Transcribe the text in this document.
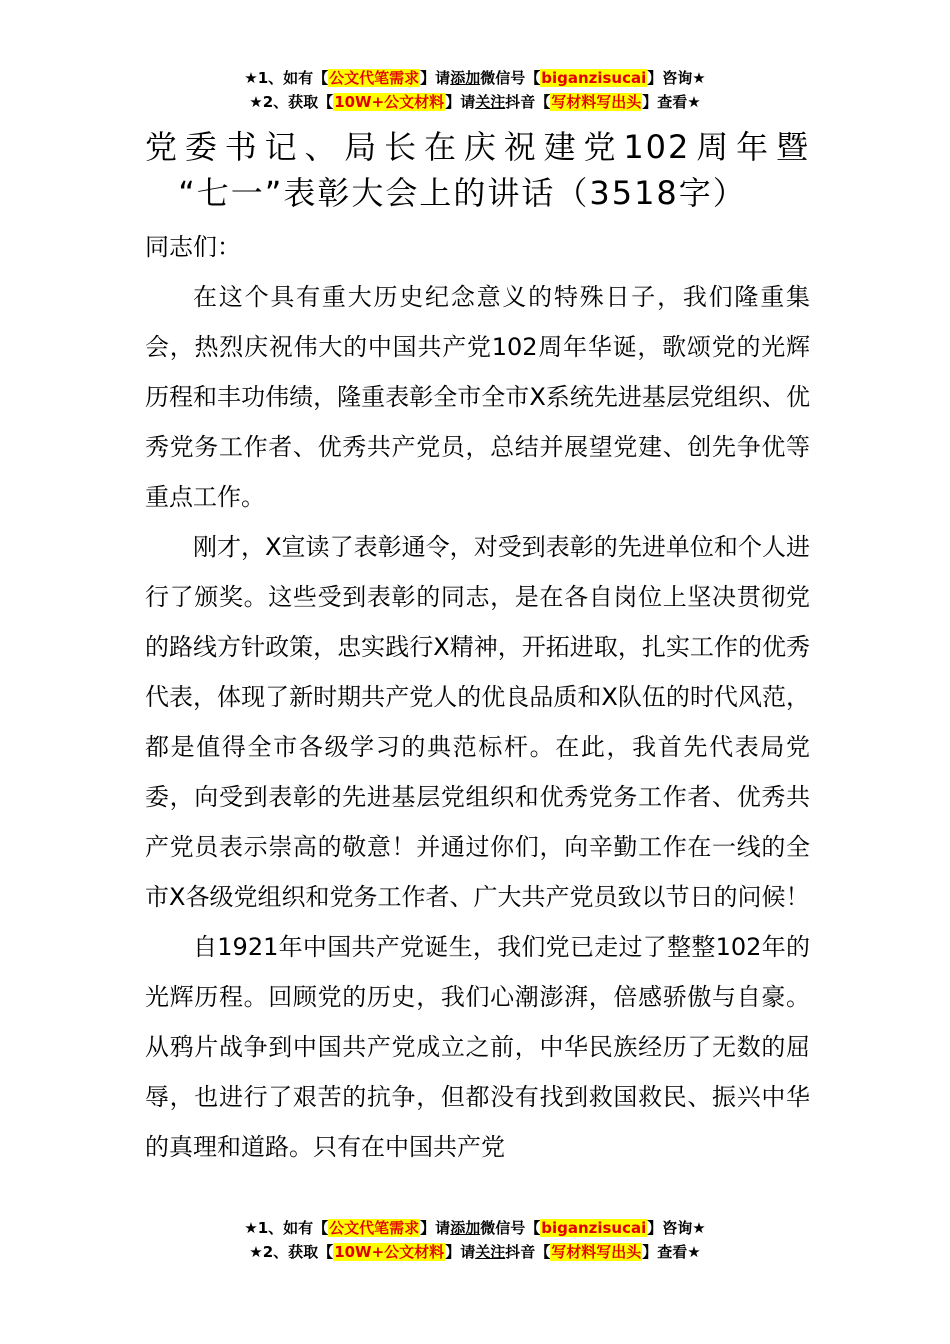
★1、如有【公文代笔需求】请添加微信号【biganzisucai】咨询★
★2、获取【10W+公文材料】请关注抖音【写材料写出头】查看★
党委书记、局长在庆祝建党102周年暨
“七一”表彰大会上的讲话（3518字）

同志们：

在这个具有重大历史纪念意义的特殊日子，我们隆重集会，热烈庆祝伟大的中国共产党102周年华诞，歌颂党的光辉历程和丰功伟绩，隆重表彰全市全市X系统先进基层党组织、优秀党务工作者、优秀共产党员，总结并展望党建、创先争优等重点工作。

刚才，X宣读了表彰通令，对受到表彰的先进单位和个人进行了颁奖。这些受到表彰的同志，是在各自岗位上坚决贯彻党的路线方针政策，忠实践行X精神，开拓进取，扎实工作的优秀代表，体现了新时期共产党人的优良品质和X队伍的时代风范，都是值得全市各级学习的典范标杆。在此，我首先代表局党委，向受到表彰的先进基层党组织和优秀党务工作者、优秀共产党员表示崇高的敬意！并通过你们，向辛勤工作在一线的全市X各级党组织和党务工作者、广大共产党员致以节日的问候！

自1921年中国共产党诞生，我们党已走过了整整102年的光辉历程。回顾党的历史，我们心潮澎湃，倍感骄傲与自豪。从鸦片战争到中国共产党成立之前，中华民族经历了无数的屈辱，也进行了艰苦的抗争，但都没有找到救国救民、振兴中华的真理和道路。只有在中国共产党

★1、如有【公文代笔需求】请添加微信号【biganzisucai】咨询★
★2、获取【10W+公文材料】请关注抖音【写材料写出头】查看★
